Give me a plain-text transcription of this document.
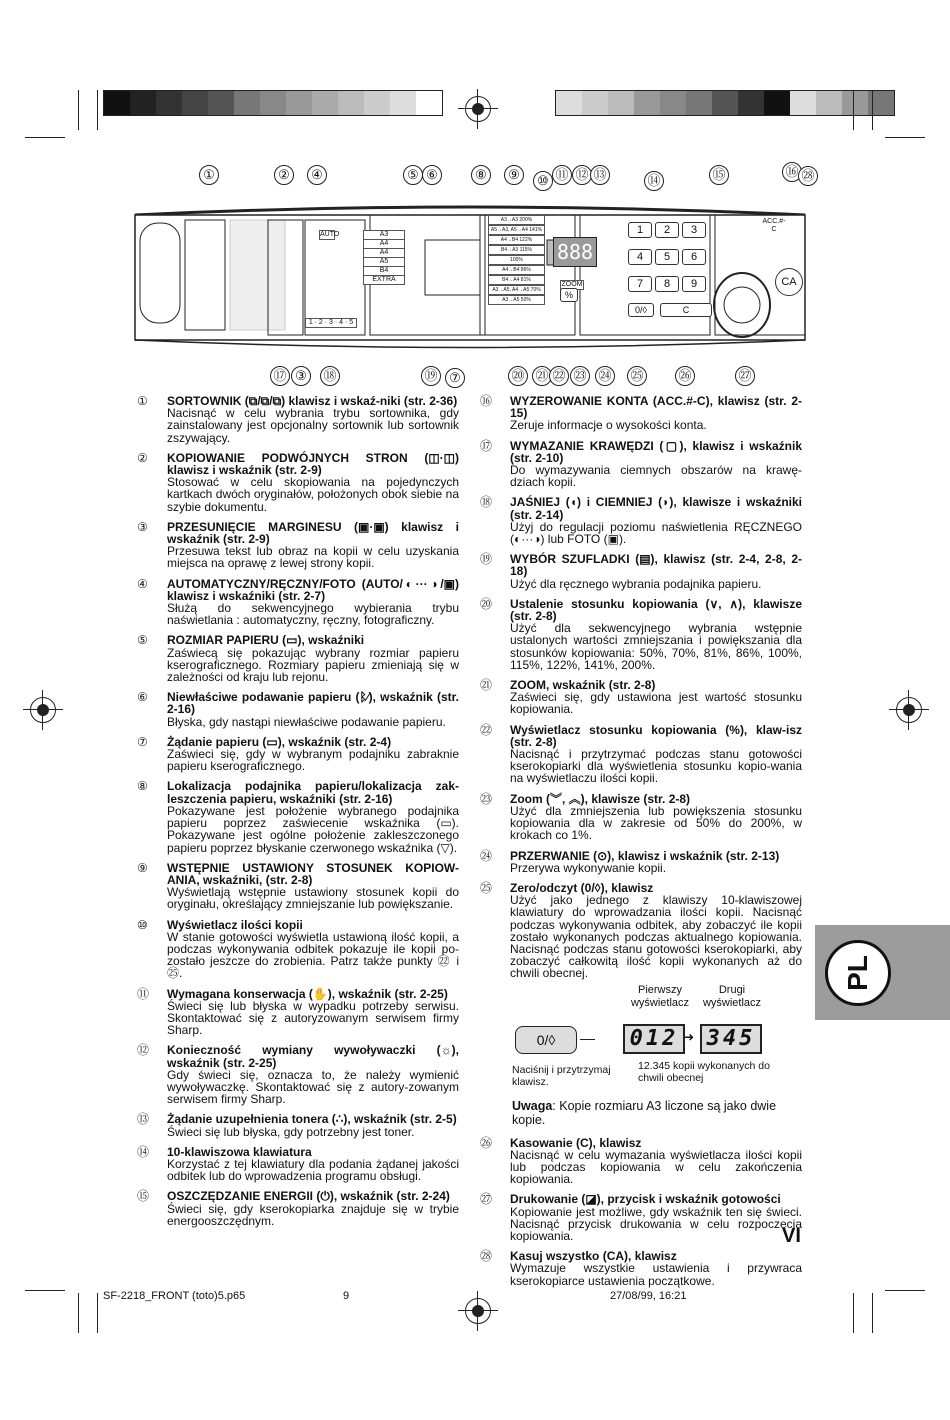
AUTO
1 · 2 · 3 · 4 · 5
ZOOM
888
ACC.#-C
CA
0/◊	C
%
A3
A4
A4
A5
B4
EXTRA
A3→A3 200%
A5→A3, A5→A4 141%
A4→B4 122%
B4→A3 115%
100%
A4→B4 86%
B4→A4 81%
A3→A5, A4→A5 70%
A3→A5 50%
1	2	3
4	5	6
7	8	9
①	②	④	⑤ ⑥	⑧	⑨	⑩ ⑪ ⑫ ⑬	⑭	⑮	⑯ ㉘
⑰ ③	⑱	⑲ ⑦	⑳ ㉑ ㉒ ㉓ ㉔ ㉕	㉖	㉗
①	SORTOWNIK (⧉/⧉/⧉) klawisz i wskaź-niki (str. 2-36)
Nacisnąć w celu wybrania trybu sortownika, gdy zainstalowany jest opcjonalny sortownik lub sortownik zszywający.
②	KOPIOWANIE PODWÓJNYCH STRON (◫·◫) klawisz i wskaźnik (str. 2-9)
Stosować w celu skopiowania na pojedynczych kartkach dwóch oryginałów, położonych obok siebie na szybie dokumentu.
③	PRZESUNIĘCIE MARGINESU (▣·▣) klawisz i wskaźnik (str. 2-9)
Przesuwa tekst lub obraz na kopii w celu uzyskania miejsca na oprawę z lewej strony kopii.
④	AUTOMATYCZNY/RĘCZNY/FOTO (AUTO/◐···◑/▣) klawisz i wskaźniki (str. 2-7)
Służą do sekwencyjnego wybierania trybu naświetlania : automatyczny, ręczny, fotograficzny.
⑤	ROZMIAR PAPIERU (▭), wskaźniki
Zaświecą się pokazując wybrany rozmiar papieru kserograficznego. Rozmiary papieru zmieniają się w zależności od kraju lub rejonu.
⑥	Niewłaściwe podawanie papieru (ᛒ∕), wskaźnik (str. 2-16)
Błyska, gdy nastąpi niewłaściwe podawanie papieru.
⑦	Żądanie papieru (▭), wskaźnik (str. 2-4)
Zaświeci się, gdy w wybranym podajniku zabraknie papieru kserograficznego.
⑧	Lokalizacja podajnika papieru/lokalizacja zak-leszczenia papieru, wskaźniki (str. 2-16)
Pokazywane jest położenie wybranego podajnika papieru poprzez zaświecenie wskaźnika (▭). Pokazywane jest ogólne położenie zakleszczonego papieru poprzez błyskanie czerwonego wskaźnika (▽).
⑨	WSTĘPNIE USTAWIONY STOSUNEK KOPIOW-ANIA, wskaźniki, (str. 2-8)
Wyświetlają wstępnie ustawiony stosunek kopii do oryginału, określający zmniejszanie lub powiększanie.
⑩	Wyświetlacz ilości kopii
W stanie gotowości wyświetla ustawioną ilość kopii, a podczas wykonywania odbitek pokazuje ile kopii po-zostało jeszcze do zrobienia. Patrz także punkty ㉒ i ㉕.
⑪	Wymagana konserwacja (✋), wskaźnik (str. 2-25)
Świeci się lub błyska w wypadku potrzeby serwisu. Skontaktować się z autoryzowanym serwisem firmy Sharp.
⑫	Konieczność wymiany wywoływaczki (☼), wskaźnik (str. 2-25)
Gdy świeci się, oznacza to, że należy wymienić wywoływaczkę. Skontaktować się z autory-zowanym serwisem firmy Sharp.
⑬	Żądanie uzupełnienia tonera (∴), wskaźnik (str. 2-5)
Świeci się lub błyska, gdy potrzebny jest toner.
⑭	10-klawiszowa klawiatura
Korzystać z tej klawiatury dla podania żądanej jakości odbitek lub do wprowadzenia programu obsługi.
⑮	OSZCZĘDZANIE ENERGII (⏻), wskaźnik (str. 2-24)
Świeci się, gdy kserokopiarka znajduje się w trybie energooszczędnym.
⑯	WYZEROWANIE KONTA (ACC.#-C), klawisz (str. 2-15)
Zeruje informacje o wysokości konta.
⑰	WYMAZANIE KRAWĘDZI (▢), klawisz i wskaźnik (str. 2-10)
Do wymazywania ciemnych obszarów na krawę-dziach kopii.
⑱	JAŚNIEJ (◖) i CIEMNIEJ (◗), klawisze i wskaźniki (str. 2-14)
Użyj do regulacji poziomu naświetlenia RĘCZNEGO (◐···◑) lub FOTO (▣).
⑲	WYBÓR SZUFLADKI (▤), klawisz (str. 2-4, 2-8, 2-18)
Użyć dla ręcznego wybrania podajnika papieru.
⑳	Ustalenie stosunku kopiowania (∨, ∧), klawisze (str. 2-8)
Użyć dla sekwencyjnego wybrania wstępnie ustalonych wartości zmniejszania i powiększania dla stosunków kopiowania: 50%, 70%, 81%, 86%, 100%, 115%, 122%, 141%, 200%.
㉑	ZOOM, wskaźnik (str. 2-8)
Zaświeci się, gdy ustawiona jest wartość stosunku kopiowania.
㉒	Wyświetlacz stosunku kopiowania (%), klaw-isz (str. 2-8)
Nacisnąć i przytrzymać podczas stanu gotowości kserokopiarki dla wyświetlenia stosunku kopio-wania na wyświetlaczu ilości kopii.
㉓	Zoom (︾, ︽), klawisze (str. 2-8)
Użyć dla zmniejszenia lub powiększenia stosunku kopiowania dla w zakresie od 50% do 200%, w krokach co 1%.
㉔	PRZERWANIE (⊙), klawisz i wskaźnik (str. 2-13)
Przerywa wykonywanie kopii.
㉕	Zero/odczyt (0/◊), klawisz
Użyć jako jednego z klawiszy 10-klawiszowej klawiatury do wprowadzania ilości kopii. Nacisnąć podczas wykonywania odbitek, aby zobaczyć ile kopii zostało wykonanych podczas aktualnego kopiowania. Nacisnąć podczas stanu gotowości kserokopiarki, aby zobaczyć całkowitą ilość kopii wykonanych aż do chwili obecnej.
Pierwszy wyświetlacz
Drugi wyświetlacz
0/◊	012 ➜ 345
Naciśnij i przytrzymaj klawisz.
12.345 kopii wykonanych do chwili obecnej
Uwaga: Kopie rozmiaru A3 liczone są jako dwie kopie.
㉖	Kasowanie (C), klawisz
Nacisnąć w celu wymazania wyświetlacza ilości kopii lub podczas kopiowania w celu zakończenia kopiowania.
㉗	Drukowanie (◪), przycisk i wskaźnik gotowości
Kopiowanie jest możliwe, gdy wskaźnik ten się świeci. Nacisnąć przycisk drukowania w celu rozpoczęcia kopiowania.
㉘	Kasuj wszystko (CA), klawisz
Wymazuje wszystkie ustawienia i przywraca kserokopiarce ustawienia początkowe.
VI
PL
SF-2218_FRONT (toto)5.p65	9	27/08/99, 16:21
